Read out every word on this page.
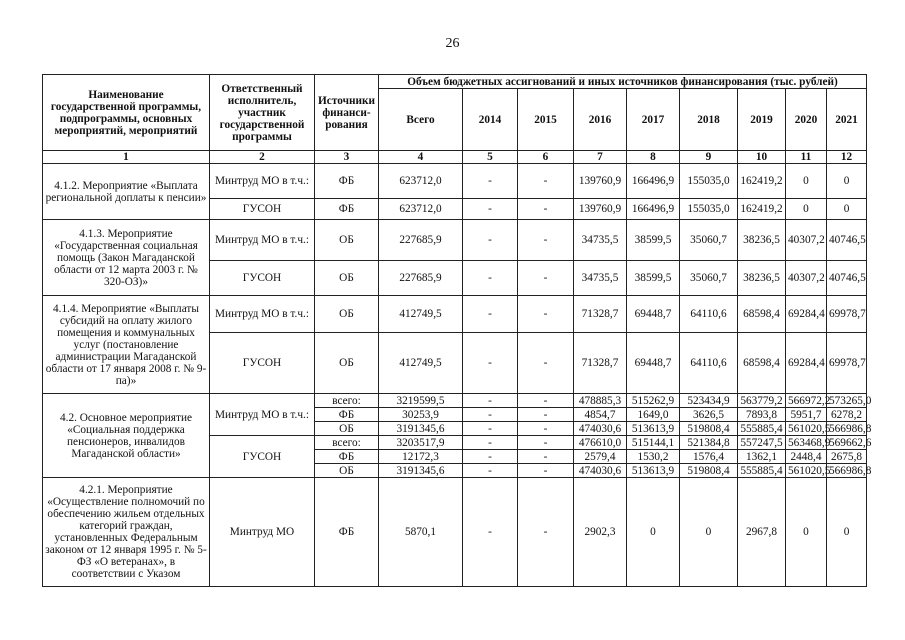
26
Наименование государственной программы, подпрограммы, основных мероприятий, мероприятий	Ответственный исполнитель, участник государственной программы	Источники финанси-рования	Объем бюджетных ассигнований и иных источников финансирования (тыс. рублей)								
			Всего	2014	2015	2016	2017	2018	2019	2020	2021
1	2	3	4	5	6	7	8	9	10	11	12
4.1.2. Мероприятие «Выплата региональной доплаты к пенсии»	Минтруд МО в т.ч.:	ФБ	623712,0	-	-	139760,9	166496,9	155035,0	162419,2	0	0
	ГУСОН	ФБ	623712,0	-	-	139760,9	166496,9	155035,0	162419,2	0	0
4.1.3. Мероприятие «Государственная социальная помощь (Закон Магаданской области от 12 марта 2003 г. № 320-ОЗ)»	Минтруд МО в т.ч.:	ОБ	227685,9	-	-	34735,5	38599,5	35060,7	38236,5	40307,2	40746,5
	ГУСОН	ОБ	227685,9	-	-	34735,5	38599,5	35060,7	38236,5	40307,2	40746,5
4.1.4. Мероприятие «Выплаты субсидий на оплату жилого помещения и коммунальных услуг (постановление администрации Магаданской области от 17 января 2008 г. № 9-па)»	Минтруд МО в т.ч.:	ОБ	412749,5	-	-	71328,7	69448,7	64110,6	68598,4	69284,4	69978,7
	ГУСОН	ОБ	412749,5	-	-	71328,7	69448,7	64110,6	68598,4	69284,4	69978,7
4.2. Основное мероприятие «Социальная поддержка пенсионеров, инвалидов Магаданской области»	Минтруд МО в т.ч.:	всего:	3219599,5	-	-	478885,3	515262,9	523434,9	563779,2	566972,2	573265,0
		ФБ	30253,9	-	-	4854,7	1649,0	3626,5	7893,8	5951,7	6278,2
		ОБ	3191345,6	-	-	474030,6	513613,9	519808,4	555885,4	561020,5	566986,8
	ГУСОН	всего:	3203517,9	-	-	476610,0	515144,1	521384,8	557247,5	563468,9	569662,6
		ФБ	12172,3	-	-	2579,4	1530,2	1576,4	1362,1	2448,4	2675,8
		ОБ	3191345,6	-	-	474030,6	513613,9	519808,4	555885,4	561020,5	566986,8
4.2.1. Мероприятие «Осуществление полномочий по обеспечению жильем отдельных категорий граждан, установленных Федеральным законом от 12 января 1995 г. № 5-ФЗ «О ветеранах», в соответствии с Указом	Минтруд МО	ФБ	5870,1	-	-	2902,3	0	0	2967,8	0	0
